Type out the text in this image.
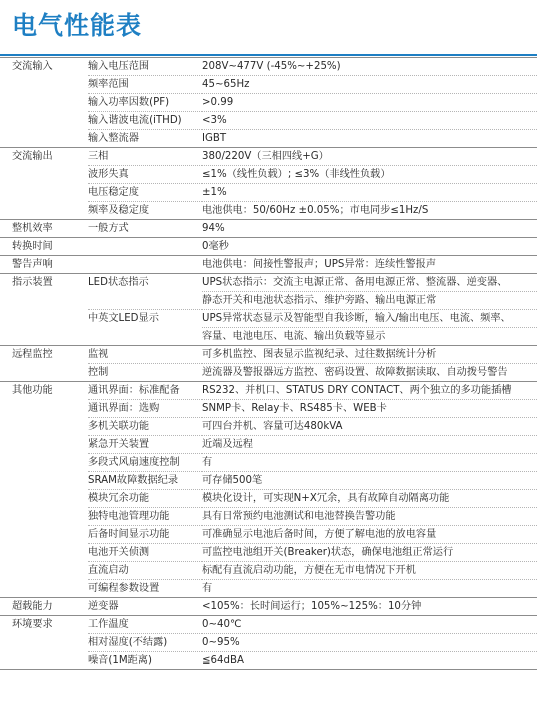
电气性能表
交流输入	输入电压范围	208V~477V (-45%~+25%)
	频率范围	45~65Hz
	输入功率因数(PF)	>0.99
	输入谐波电流(iTHD)	<3%
	输入整流器	IGBT
交流输出	三相	380/220V（三相四线+G）
	波形失真	≤1%（线性负载）; ≤3%（非线性负载）
	电压稳定度	±1%
	频率及稳定度	电池供电：50/60Hz ±0.05%；市电同步≤1Hz/S
整机效率	一般方式	94%
转换时间		0毫秒
警告声响		电池供电：间接性警报声；UPS异常：连续性警报声
指示装置	LED状态指示	UPS状态指示：交流主电源正常、备用电源正常、整流器、逆变器、
		静态开关和电池状态指示、维护旁路、输出电源正常
	中英文LED显示	UPS异常状态显示及智能型自我诊断，输入/输出电压、电流、频率、
		容量、电池电压、电流、输出负载等显示
远程监控	监视	可多机监控、图表显示监视纪录、过往数据统计分析
	控制	逆流器及警报器远方监控、密码设置、故障数据读取、自动拨号警告
其他功能	通讯界面：标准配备	RS232、并机口、STATUS DRY CONTACT、两个独立的多功能插槽
	通讯界面：选购	SNMP卡、Relay卡、RS485卡、WEB卡
	多机关联功能	可四台并机、容量可达480kVA
	紧急开关装置	近端及远程
	多段式风扇速度控制	有
	SRAM故障数据纪录	可存储500笔
	模块冗余功能	模块化设计，可实现N+X冗余，具有故障自动隔离功能
	独特电池管理功能	具有日常预约电池测试和电池替换告警功能
	后备时间显示功能	可准确显示电池后备时间，方便了解电池的放电容量
	电池开关侦测	可监控电池组开关(Breaker)状态，确保电池组正常运行
	直流启动	标配有直流启动功能，方便在无市电情况下开机
	可编程参数设置	有
超载能力	逆变器	<105%：长时间运行；105%~125%：10分钟
环境要求	工作温度	0~40℃
	相对湿度(不结露)	0~95%
	噪音(1M距离)	≦64dBA
